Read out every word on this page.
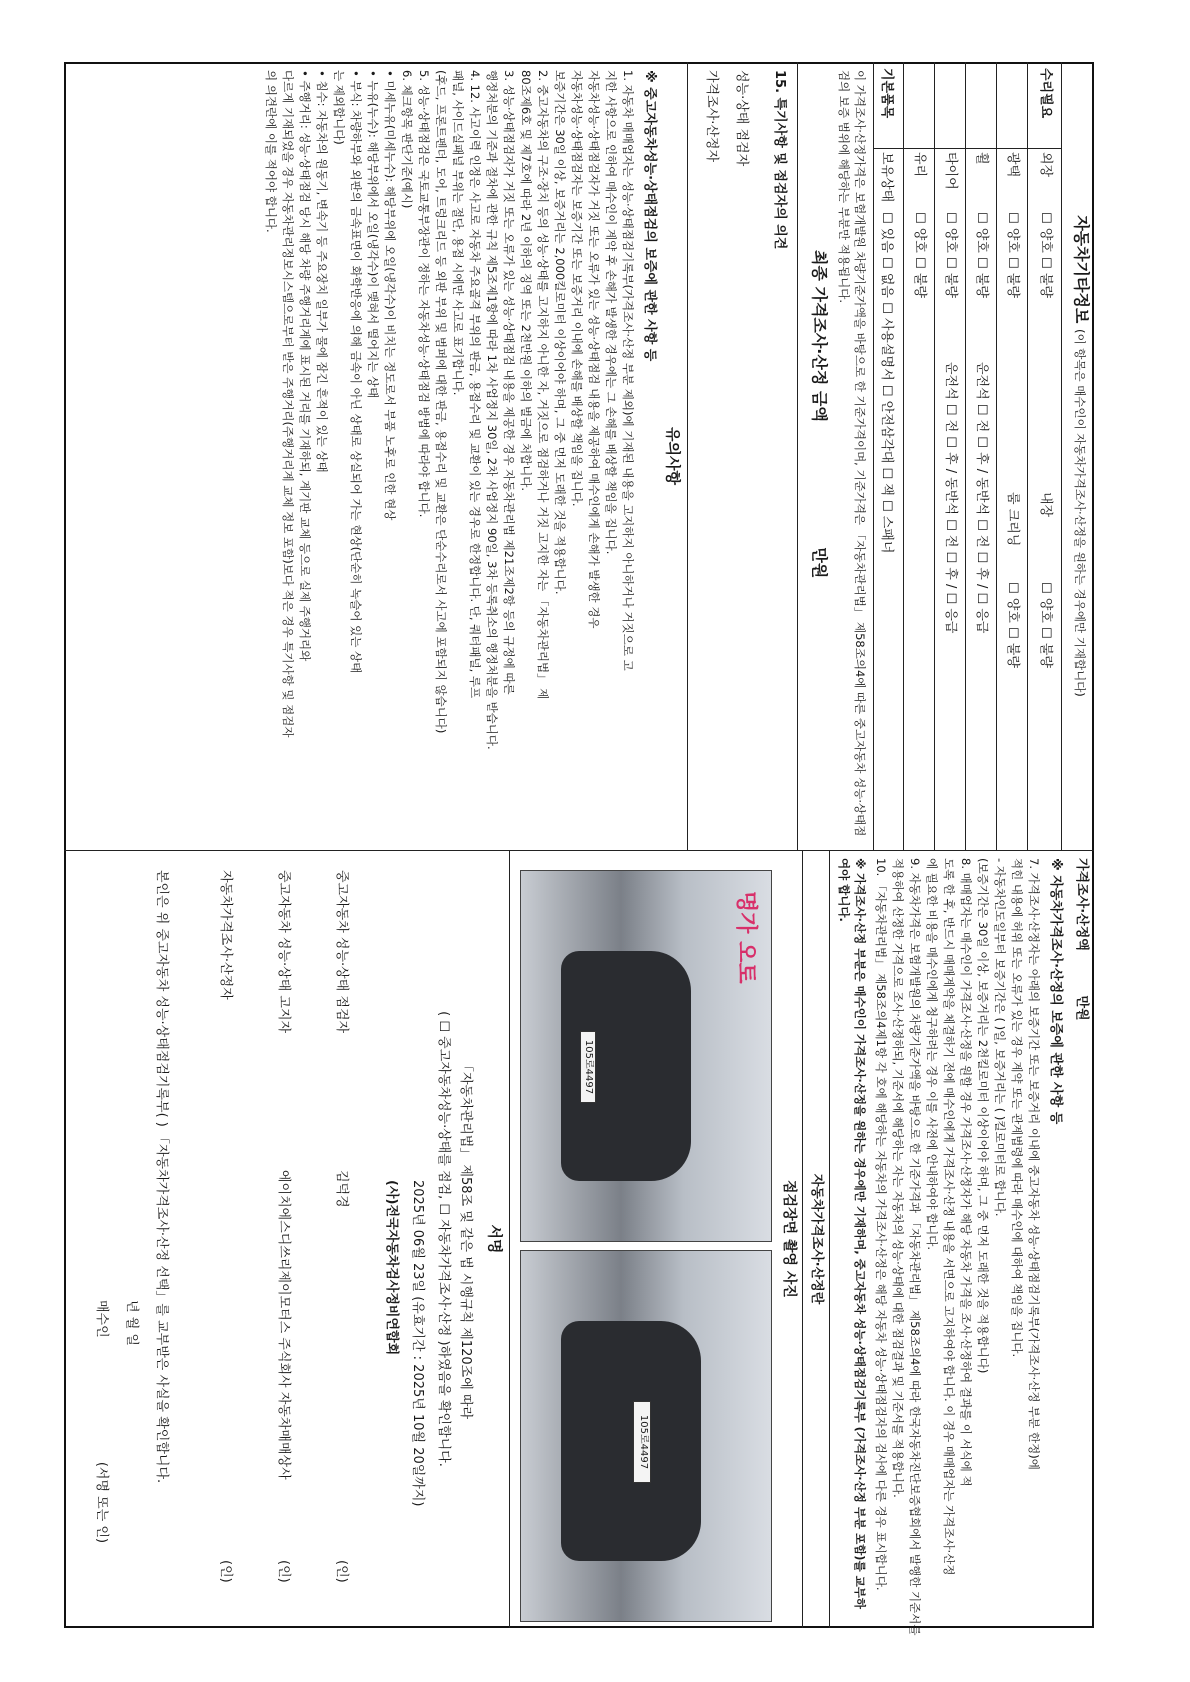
자동차기타정보 (이 항목은 매수인이 자동차가격조사·산정을 원하는 경우에만 기재합니다)
수리필요
외장
☐ 양호 ☐ 불량
내장
☐ 양호 ☐ 불량
광택
☐ 양호 ☐ 불량
룸 크리닝
☐ 양호 ☐ 불량
휠
☐ 양호 ☐ 불량
운전석 ☐ 전 ☐ 후 / 동반석 ☐ 전 ☐ 후 / ☐ 응급
타이어
☐ 양호 ☐ 불량
운전석 ☐ 전 ☐ 후 / 동반석 ☐ 전 ☐ 후 / ☐ 응급
유리
☐ 양호 ☐ 불량
기본품목
보유상태
☐ 있음 ☐ 없음 ☐ 사용설명서 ☐ 안전삼각대 ☐ 잭 ☐ 스패너
이 가격조사·산정가격은 보험개발원 차량기준가액을 바탕으로 한 기준가격이며, 기준가격은 「자동차관리법」 제58조의4에 따른 중고자동차 성능·상태점검의 보증 범위에 해당하는 부분만 적용됩니다.
최종 가격조사·산정 금액 만원
15. 특기사항 및 점검자의 의견
성능·상태 점검자
가격조사·산정자
유의사항
※ 중고자동차성능·상태점검의 보증에 관한 사항 등
1. 자동차 매매업자는 성능·상태점검기록부(가격조사·산정 부분 제외)에 기재된 내용을 고지하지 아니하거나 거짓으로 고
지한 사항으로 인하여 매수인이 계약 후 손해가 발생한 경우에는 그 손해를 배상할 책임을 집니다.
자동차성능·상태점검자가 거짓 또는 오류가 있는 성능·상태점검 내용을 제공하여 매수인에게 손해가 발생한 경우
자동차성능·상태점검자는 보증기간 또는 보증거리 이내에 손해를 배상할 책임을 집니다.
보증기간은 30일 이상, 보증거리는 2,000킬로미터 이상이어야 하며, 그 중 먼저 도래한 것을 적용합니다.
2. 중고자동차의 구조·장치 등의 성능·상태를 고지하지 아니한 자, 거짓으로 점검하거나 거짓 고지한 자는 「자동차관리법」 제
80조제6호 및 제7호에 따라 2년 이하의 징역 또는 2천만원 이하의 벌금에 처합니다.
3. 성능·상태점검자가 거짓 또는 오류가 있는 성능·상태점검 내용을 제공한 경우 자동차관리법 제21조제2항 등의 규정에 따른
행정처분의 기준과 절차에 관한 규칙 제5조제1항에 따라 1차 사업정지 30일, 2차 사업정지 90일, 3차 등록취소의 행정처분을 받습니다.
4. 12. 사고이력 인정은 사고로 자동차 주요골격 부위의 판금, 용접수리 및 교환이 있는 경우로 한정합니다. 단, 쿼터패널, 루프
패널, 사이드실패널 부위는 절단, 용접 시에만 사고로 표기합니다.
(후드, 프론트펜더, 도어, 트렁크리드 등 외판 부위 및 범퍼에 대한 판금, 용접수리 및 교환은 단순수리로서 사고에 포함되지 않습니다)
5. 성능·상태점검은 국토교통부장관이 정하는 자동차성능·상태점검 방법에 따라야 합니다.
6. 체크항목 판단기준(예시)
• 미세누유(미세누수): 해당부위에 오일(냉각수)이 비치는 정도로서 부품 노후로 인한 현상
• 누유(누수): 해당부위에서 오일(냉각수)이 맺혀서 떨어지는 상태
• 부식: 차량하부와 외판의 금속표면이 화학반응에 의해 금속이 아닌 상태로 상실되어 가는 현상(단순히 녹슬어 있는 상태
는 제외합니다)
• 침수: 자동차의 원동기, 변속기 등 주요장치 일부가 물에 잠긴 흔적이 있는 상태
• 주행거리: 성능·상태점검 당시 해당 차량 주행거리계에 표시된 거리를 기재하되, 계기판 교체 등으로 실제 주행거리와
다르게 기재되었을 경우 자동차관리정보시스템으로부터 받은 주행거리(주행거리계 교체 정보 포함)보다 적은 경우 특기사항 및 점검자
의 의견란에 이를 적어야 합니다.
가격조사·산정액 만원
※ 자동차가격조사·산정의 보증에 관한 사항 등
7. 가격조사·산정자는 아래의 보증기간 또는 보증거리 이내에 중고자동차 성능·상태점검기록부(가격조사·산정 부분 한정)에
적힌 내용에 허위 또는 오류가 있는 경우 계약 또는 관계법령에 따라 매수인에 대하여 책임을 집니다.
- 자동차인도일부터 보증기간은 ( )일, 보증거리는 ( )킬로미터로 합니다.
(보증기간은 30일 이상, 보증거리는 2천킬로미터 이상이어야 하며, 그 중 먼저 도래한 것을 적용합니다)
8. 매매업자는 매수인이 가격조사·산정을 원할 경우 가격조사·산정자가 해당 자동차 가격을 조사·산정하여 결과를 이 서식에 적
도록 한 후, 반드시 매매계약을 체결하기 전에 매수인에게 가격조사·산정 내용을 서면으로 고지하여야 합니다. 이 경우 매매업자는 가격조사·산정
에 필요한 비용을 매수인에게 청구하려는 경우 이를 사전에 안내하여야 합니다.
9. 자동차가격은 보험개발원의 차량기준가액을 바탕으로 한 기준가격과 「자동차관리법」 제58조의4에 따라 한국자동차진단보증협회에서 발행한 기준서를
적용하여 산정한 가격으로 조사·산정하되, 기준서에 해당하는 자는 자동차의 성능·상태에 대한 점검결과 및 기준서를 적용합니다.
10. 「자동차관리법」 제58조의4제1항 각 호에 해당하는 자동차의 가격조사·산정은 해당 자동차 성능·상태점검자의 검사에 다른 경우 표시합니다.
※ 가격조사·산정 부분은 매수인이 가격조사·산정을 원하는 경우에만 기재하며, 중고자동차 성능·상태점검기록부 (가격조사·산정 부분 포함)를 교부하여야 합니다.
자동차가격조사·산정란
점검장면 촬영 사진
명가 오토
105로4497
105로4497
서명
「자동차관리법」 제58조 및 같은 법 시행규칙 제120조에 따라
( ☐ 중고자동차성능·상태를 점검, ☐ 자동차가격조사·산정 )하였음을 확인합니다.
2025년 06월 23일 (유효기간 : 2025년 10월 20일까지)
(사)전국자동차검사정비연합회
중고자동차 성능·상태 점검자
김덕경
(인)
중고자동차 성능·상태 고지자
에이치에스디쓰리제이모터스 주식회사 자동차매매상사
(인)
자동차가격조사·산정자
(인)
본인은 위 중고자동차 성능·상태점검기록부( ) 「자동차가격조사·산정 선택」를 교부받은 사실을 확인합니다.
년 월 일
매수인 (서명 또는 인)
